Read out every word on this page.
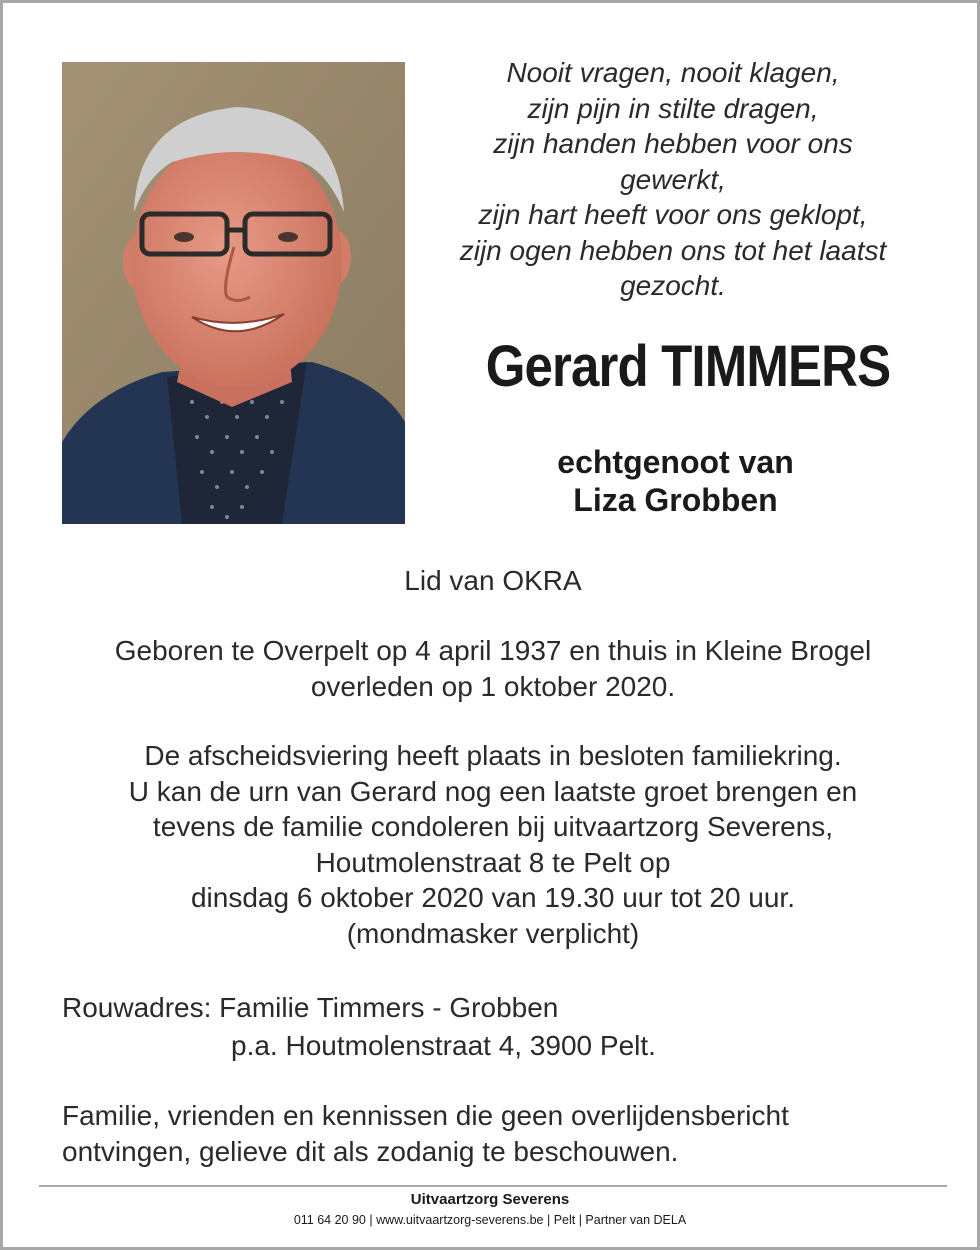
Nooit vragen, nooit klagen,
zijn pijn in stilte dragen,
zijn handen hebben voor ons
gewerkt,
zijn hart heeft voor ons geklopt,
zijn ogen hebben ons tot het laatst
gezocht.
Gerard TIMMERS
echtgenoot van
Liza Grobben
Lid van OKRA
Geboren te Overpelt op 4 april 1937 en thuis in Kleine Brogel
overleden op 1 oktober 2020.
De afscheidsviering heeft plaats in besloten familiekring.
U kan de urn van Gerard nog een laatste groet brengen en
tevens de familie condoleren bij uitvaartzorg Severens,
Houtmolenstraat 8 te Pelt op
dinsdag 6 oktober 2020 van 19.30 uur tot 20 uur.
(mondmasker verplicht)
Rouwadres: Familie Timmers - Grobben
p.a. Houtmolenstraat 4, 3900 Pelt.
Familie, vrienden en kennissen die geen overlijdensbericht
ontvingen, gelieve dit als zodanig te beschouwen.
Uitvaartzorg Severens
011 64 20 90 | www.uitvaartzorg-severens.be | Pelt | Partner van DELA
